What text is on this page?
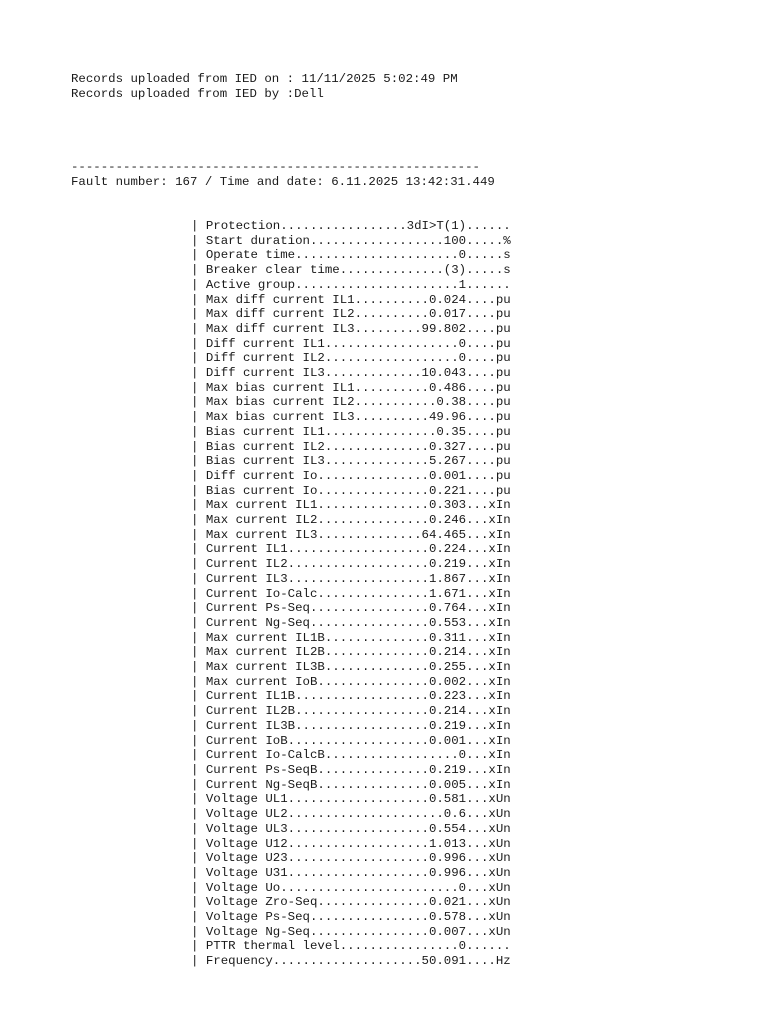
Records uploaded from IED on : 11/11/2025 5:02:49 PM
Records uploaded from IED by :Dell
-------------------------------------------------------
Fault number: 167 / Time and date: 6.11.2025 13:42:31.449
| Protection.................3dI>T(1)......
| Start duration..................100.....%
| Operate time......................0.....s
| Breaker clear time..............(3).....s
| Active group......................1......
| Max diff current IL1..........0.024....pu
| Max diff current IL2..........0.017....pu
| Max diff current IL3.........99.802....pu
| Diff current IL1..................0....pu
| Diff current IL2..................0....pu
| Diff current IL3.............10.043....pu
| Max bias current IL1..........0.486....pu
| Max bias current IL2...........0.38....pu
| Max bias current IL3..........49.96....pu
| Bias current IL1...............0.35....pu
| Bias current IL2..............0.327....pu
| Bias current IL3..............5.267....pu
| Diff current Io...............0.001....pu
| Bias current Io...............0.221....pu
| Max current IL1...............0.303...xIn
| Max current IL2...............0.246...xIn
| Max current IL3..............64.465...xIn
| Current IL1...................0.224...xIn
| Current IL2...................0.219...xIn
| Current IL3...................1.867...xIn
| Current Io-Calc...............1.671...xIn
| Current Ps-Seq................0.764...xIn
| Current Ng-Seq................0.553...xIn
| Max current IL1B..............0.311...xIn
| Max current IL2B..............0.214...xIn
| Max current IL3B..............0.255...xIn
| Max current IoB...............0.002...xIn
| Current IL1B..................0.223...xIn
| Current IL2B..................0.214...xIn
| Current IL3B..................0.219...xIn
| Current IoB...................0.001...xIn
| Current Io-CalcB..................0...xIn
| Current Ps-SeqB...............0.219...xIn
| Current Ng-SeqB...............0.005...xIn
| Voltage UL1...................0.581...xUn
| Voltage UL2.....................0.6...xUn
| Voltage UL3...................0.554...xUn
| Voltage U12...................1.013...xUn
| Voltage U23...................0.996...xUn
| Voltage U31...................0.996...xUn
| Voltage Uo........................0...xUn
| Voltage Zro-Seq...............0.021...xUn
| Voltage Ps-Seq................0.578...xUn
| Voltage Ng-Seq................0.007...xUn
| PTTR thermal level................0......
| Frequency....................50.091....Hz
